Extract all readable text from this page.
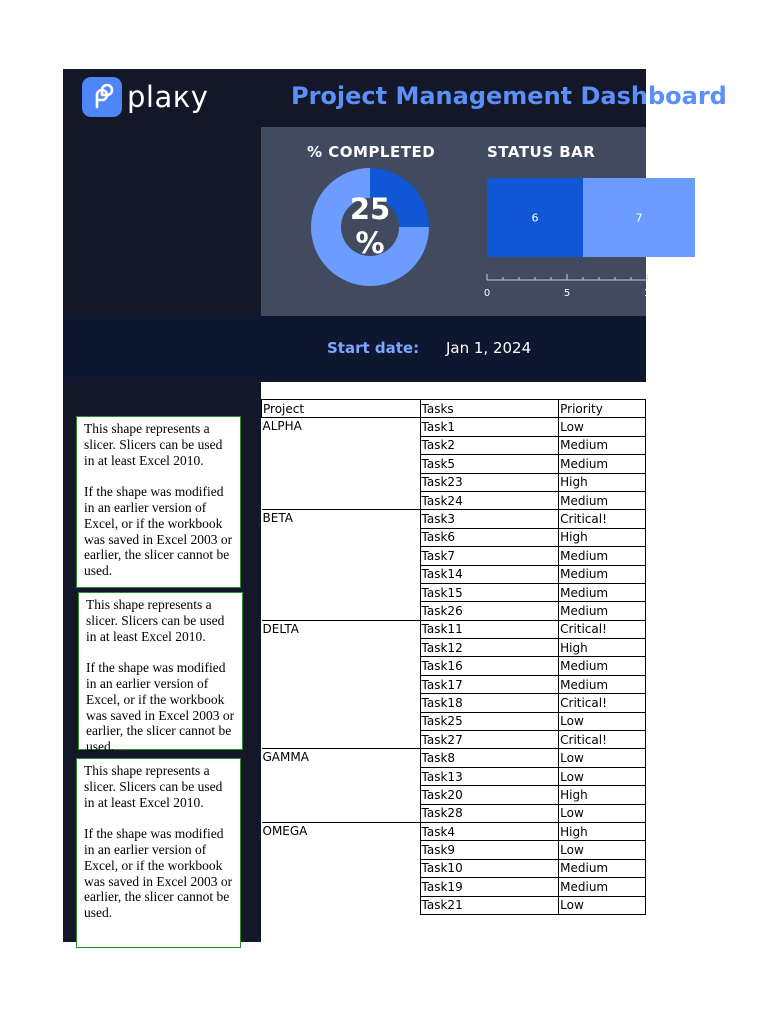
plaкy	Project Management Dashboard
% COMPLETED	STATUS BAR
25
%
6	7
0	5	1
Start date: Jan 1, 2024

This shape represents a slicer. Slicers can be used in at least Excel 2010.

If the shape was modified in an earlier version of Excel, or if the workbook was saved in Excel 2003 or earlier, the slicer cannot be used.

This shape represents a slicer. Slicers can be used in at least Excel 2010.

If the shape was modified in an earlier version of Excel, or if the workbook was saved in Excel 2003 or earlier, the slicer cannot be used.

This shape represents a slicer. Slicers can be used in at least Excel 2010.

If the shape was modified in an earlier version of Excel, or if the workbook was saved in Excel 2003 or earlier, the slicer cannot be used.

Project	Tasks	Priority
ALPHA	Task1	Low
	Task2	Medium
	Task5	Medium
	Task23	High
	Task24	Medium
BETA	Task3	Critical!
	Task6	High
	Task7	Medium
	Task14	Medium
	Task15	Medium
	Task26	Medium
DELTA	Task11	Critical!
	Task12	High
	Task16	Medium
	Task17	Medium
	Task18	Critical!
	Task25	Low
	Task27	Critical!
GAMMA	Task8	Low
	Task13	Low
	Task20	High
	Task28	Low
OMEGA	Task4	High
	Task9	Low
	Task10	Medium
	Task19	Medium
	Task21	Low
